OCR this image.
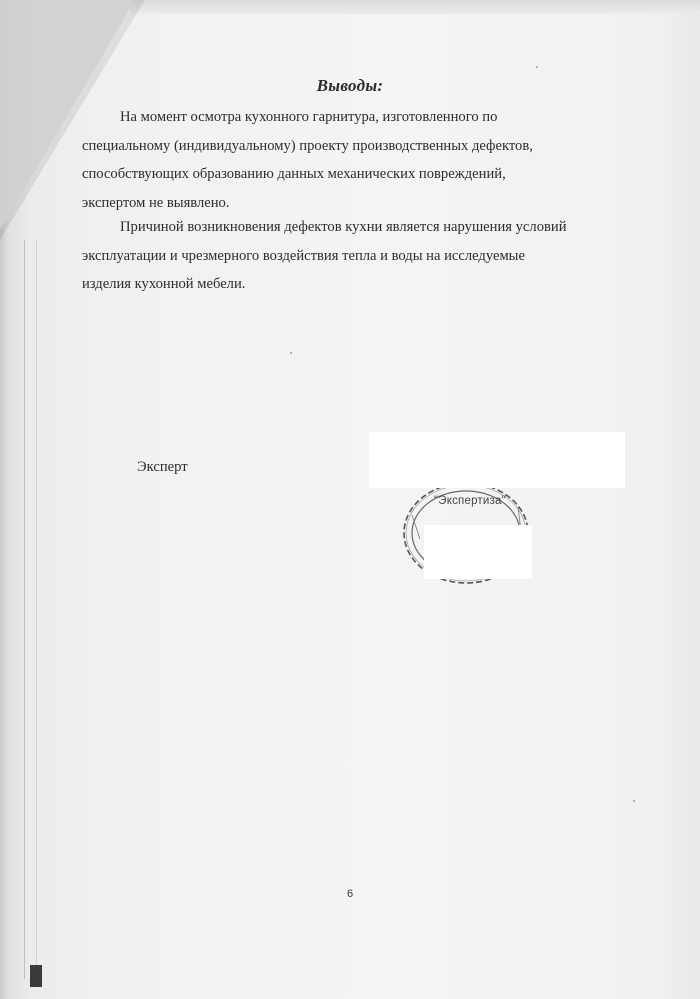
Выводы:

На момент осмотра кухонного гарнитура, изготовленного по
специальному (индивидуальному) проекту производственных дефектов,
способствующих образованию данных механических повреждений,
экспертом не выявлено.

Причиной возникновения дефектов кухни является нарушения условий
эксплуатации и чрезмерного воздействия тепла и воды на исследуемые
изделия кухонной мебели.

Эксперт
"Экспертиза"
6
